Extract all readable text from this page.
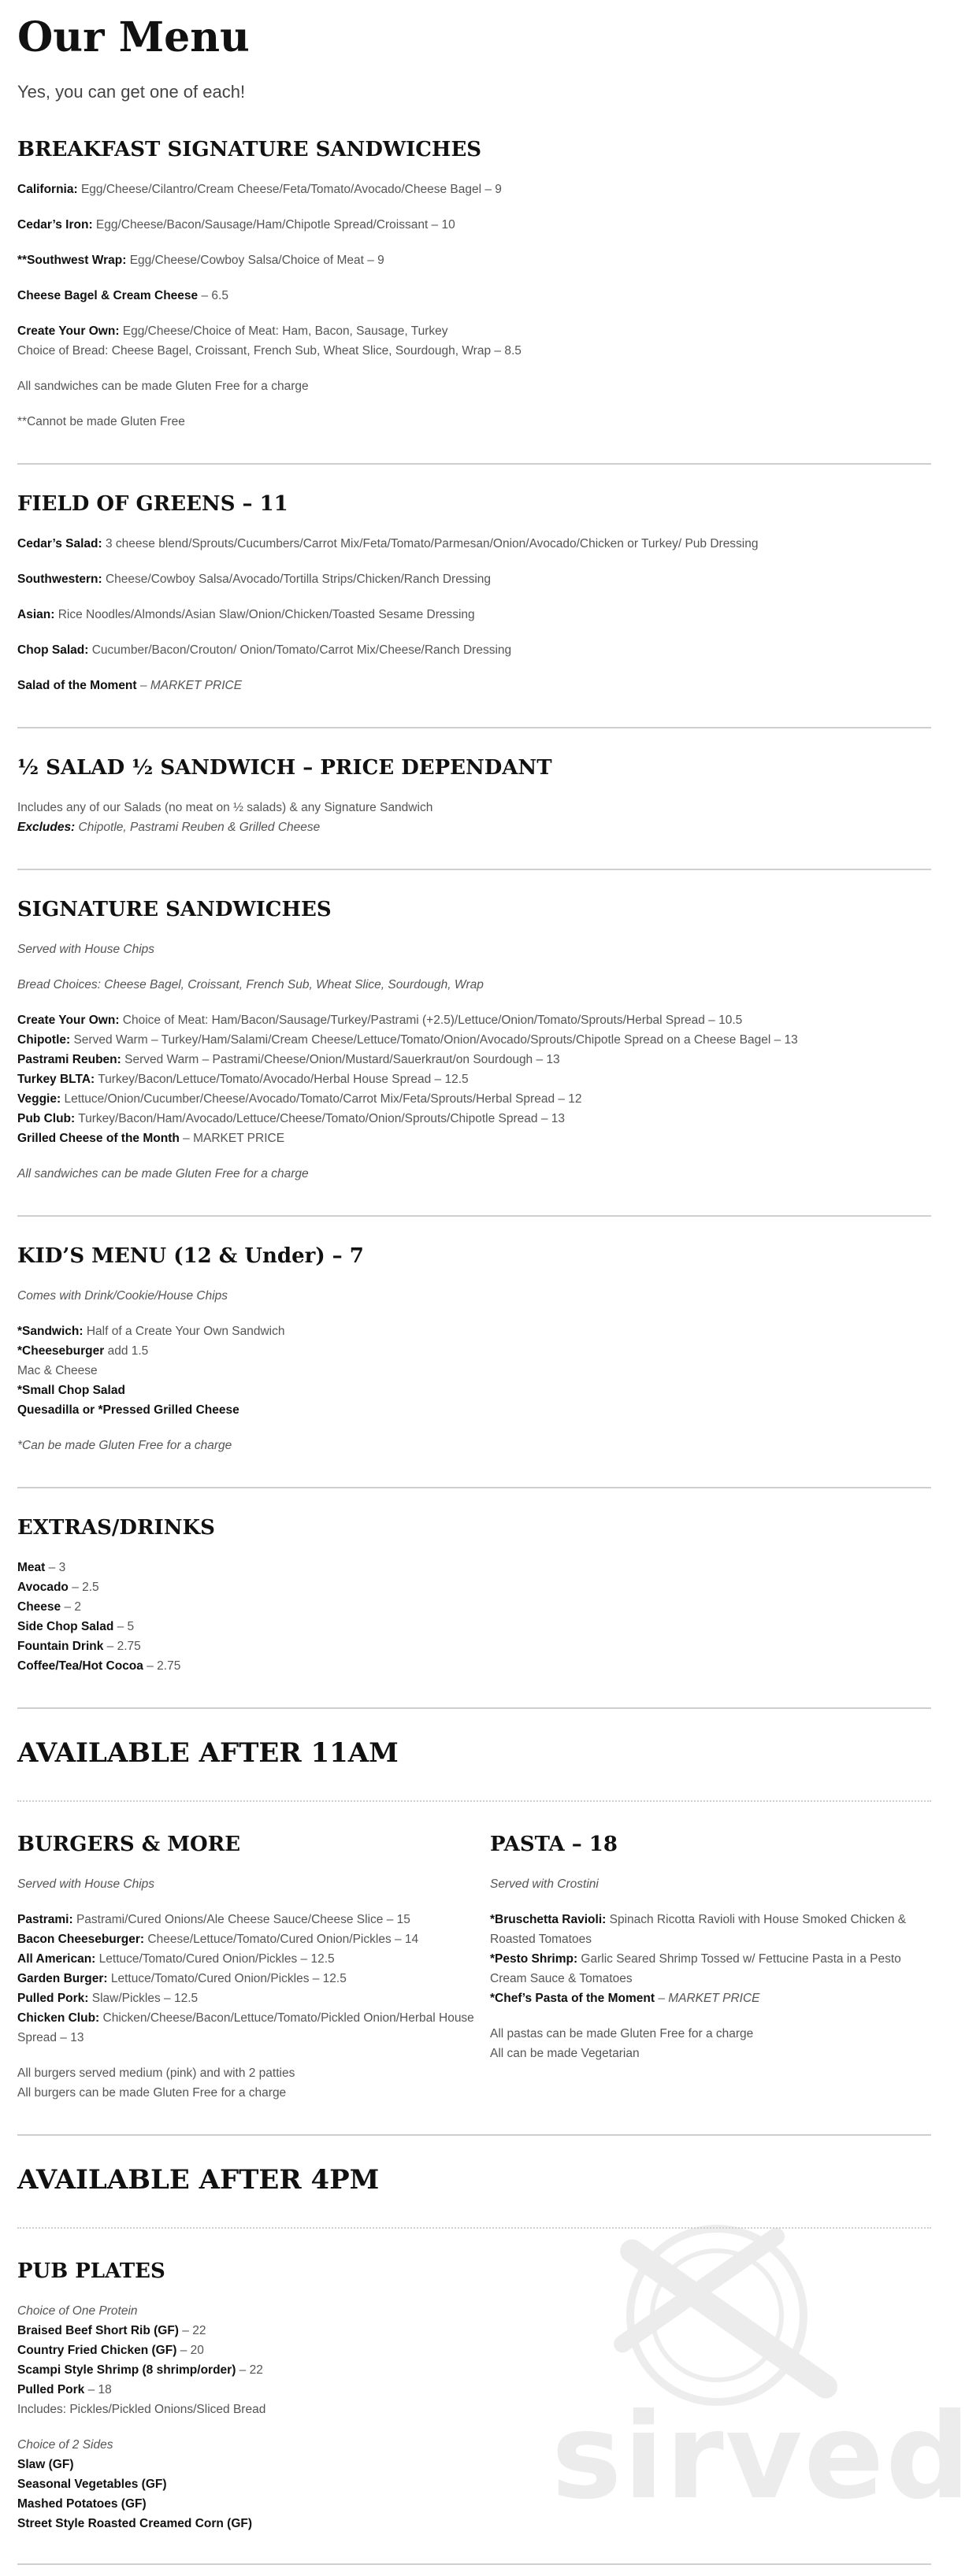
sirved
Our Menu
Yes, you can get one of each!
BREAKFAST SIGNATURE SANDWICHES
California: Egg/Cheese/Cilantro/Cream Cheese/Feta/Tomato/Avocado/Cheese Bagel – 9
Cedar’s Iron: Egg/Cheese/Bacon/Sausage/Ham/Chipotle Spread/Croissant – 10
**Southwest Wrap: Egg/Cheese/Cowboy Salsa/Choice of Meat – 9
Cheese Bagel & Cream Cheese – 6.5
Create Your Own: Egg/Cheese/Choice of Meat: Ham, Bacon, Sausage, Turkey
Choice of Bread: Cheese Bagel, Croissant, French Sub, Wheat Slice, Sourdough, Wrap – 8.5
All sandwiches can be made Gluten Free for a charge
**Cannot be made Gluten Free
FIELD OF GREENS – 11
Cedar’s Salad: 3 cheese blend/Sprouts/Cucumbers/Carrot Mix/Feta/Tomato/Parmesan/Onion/Avocado/Chicken or Turkey/ Pub Dressing
Southwestern: Cheese/Cowboy Salsa/Avocado/Tortilla Strips/Chicken/Ranch Dressing
Asian: Rice Noodles/Almonds/Asian Slaw/Onion/Chicken/Toasted Sesame Dressing
Chop Salad: Cucumber/Bacon/Crouton/ Onion/Tomato/Carrot Mix/Cheese/Ranch Dressing
Salad of the Moment – MARKET PRICE
½ SALAD ½ SANDWICH – PRICE DEPENDANT
Includes any of our Salads (no meat on ½ salads) & any Signature Sandwich
Excludes: Chipotle, Pastrami Reuben & Grilled Cheese
SIGNATURE SANDWICHES
Served with House Chips
Bread Choices: Cheese Bagel, Croissant, French Sub, Wheat Slice, Sourdough, Wrap
Create Your Own: Choice of Meat: Ham/Bacon/Sausage/Turkey/Pastrami (+2.5)/Lettuce/Onion/Tomato/Sprouts/Herbal Spread – 10.5
Chipotle: Served Warm – Turkey/Ham/Salami/Cream Cheese/Lettuce/Tomato/Onion/Avocado/Sprouts/Chipotle Spread on a Cheese Bagel – 13
Pastrami Reuben: Served Warm – Pastrami/Cheese/Onion/Mustard/Sauerkraut/on Sourdough – 13
Turkey BLTA: Turkey/Bacon/Lettuce/Tomato/Avocado/Herbal House Spread – 12.5
Veggie: Lettuce/Onion/Cucumber/Cheese/Avocado/Tomato/Carrot Mix/Feta/Sprouts/Herbal Spread – 12
Pub Club: Turkey/Bacon/Ham/Avocado/Lettuce/Cheese/Tomato/Onion/Sprouts/Chipotle Spread – 13
Grilled Cheese of the Month – MARKET PRICE
All sandwiches can be made Gluten Free for a charge
KID’S MENU (12 & Under) – 7
Comes with Drink/Cookie/House Chips
*Sandwich: Half of a Create Your Own Sandwich
*Cheeseburger add 1.5
Mac & Cheese
*Small Chop Salad
Quesadilla or *Pressed Grilled Cheese
*Can be made Gluten Free for a charge
EXTRAS/DRINKS
Meat – 3
Avocado – 2.5
Cheese – 2
Side Chop Salad – 5
Fountain Drink – 2.75
Coffee/Tea/Hot Cocoa – 2.75
AVAILABLE AFTER 11AM
BURGERS & MORE
Served with House Chips
Pastrami: Pastrami/Cured Onions/Ale Cheese Sauce/Cheese Slice – 15
Bacon Cheeseburger: Cheese/Lettuce/Tomato/Cured Onion/Pickles – 14
All American: Lettuce/Tomato/Cured Onion/Pickles – 12.5
Garden Burger: Lettuce/Tomato/Cured Onion/Pickles – 12.5
Pulled Pork: Slaw/Pickles – 12.5
Chicken Club: Chicken/Cheese/Bacon/Lettuce/Tomato/Pickled Onion/Herbal House Spread – 13
All burgers served medium (pink) and with 2 patties
All burgers can be made Gluten Free for a charge
PASTA – 18
Served with Crostini
*Bruschetta Ravioli: Spinach Ricotta Ravioli with House Smoked Chicken & Roasted Tomatoes
*Pesto Shrimp: Garlic Seared Shrimp Tossed w/ Fettucine Pasta in a Pesto Cream Sauce & Tomatoes
*Chef’s Pasta of the Moment – MARKET PRICE
All pastas can be made Gluten Free for a charge
All can be made Vegetarian
AVAILABLE AFTER 4PM
PUB PLATES
Choice of One Protein
Braised Beef Short Rib (GF) – 22
Country Fried Chicken (GF) – 20
Scampi Style Shrimp (8 shrimp/order) – 22
Pulled Pork – 18
Includes: Pickles/Pickled Onions/Sliced Bread
Choice of 2 Sides
Slaw (GF)
Seasonal Vegetables (GF)
Mashed Potatoes (GF)
Street Style Roasted Creamed Corn (GF)
